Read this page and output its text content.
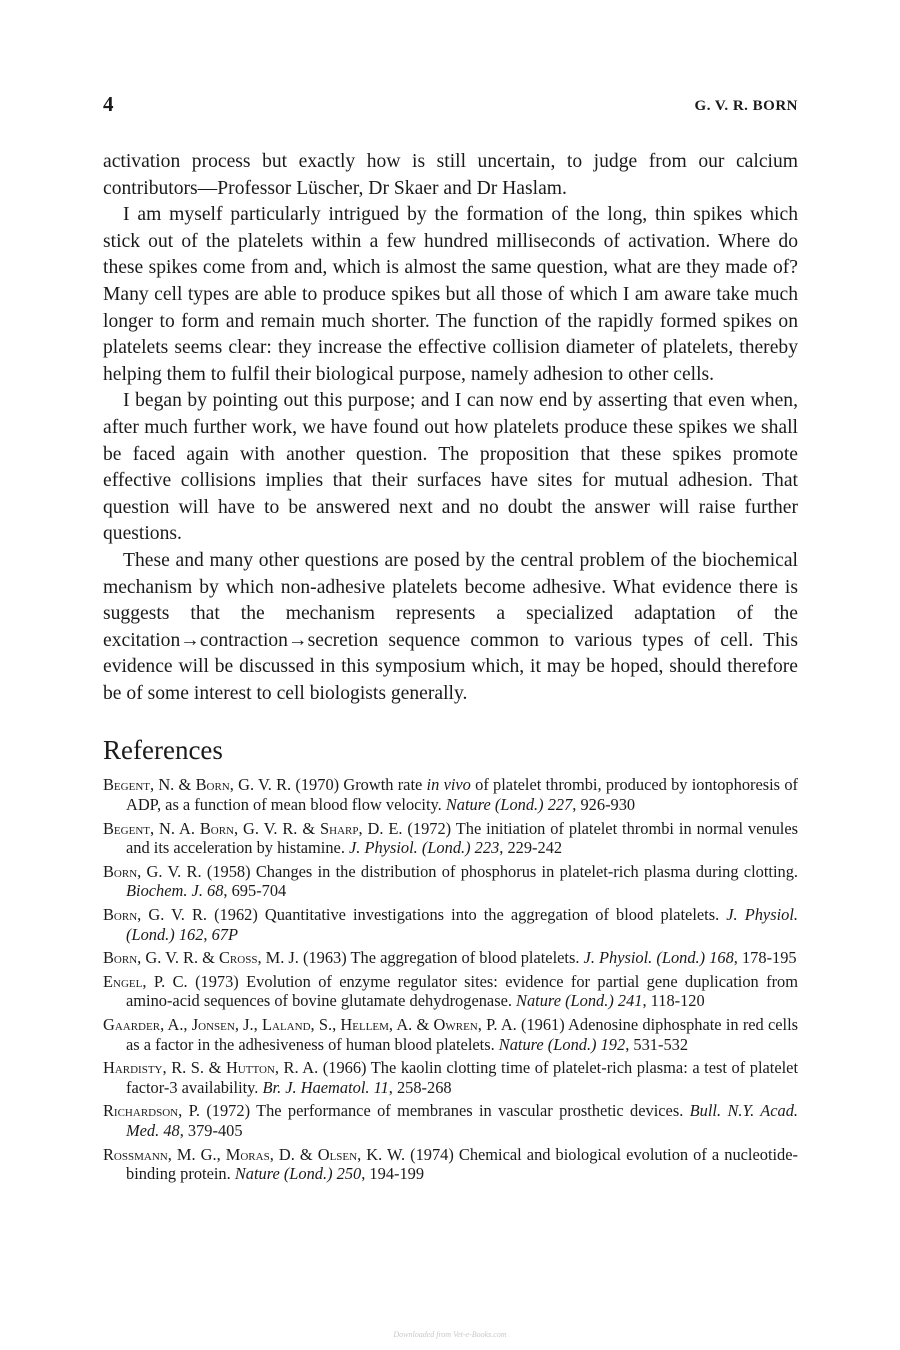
4	G. V. R. BORN

activation process but exactly how is still uncertain, to judge from our calcium contributors—Professor Lüscher, Dr Skaer and Dr Haslam.

I am myself particularly intrigued by the formation of the long, thin spikes which stick out of the platelets within a few hundred milliseconds of activation. Where do these spikes come from and, which is almost the same question, what are they made of? Many cell types are able to produce spikes but all those of which I am aware take much longer to form and remain much shorter. The function of the rapidly formed spikes on platelets seems clear: they increase the effective collision diameter of platelets, thereby helping them to fulfil their biological purpose, namely adhesion to other cells.

I began by pointing out this purpose; and I can now end by asserting that even when, after much further work, we have found out how platelets produce these spikes we shall be faced again with another question. The proposition that these spikes promote effective collisions implies that their surfaces have sites for mutual adhesion. That question will have to be answered next and no doubt the answer will raise further questions.

These and many other questions are posed by the central problem of the biochemical mechanism by which non-adhesive platelets become adhesive. What evidence there is suggests that the mechanism represents a specialized adaptation of the excitation→contraction→secretion sequence common to various types of cell. This evidence will be discussed in this symposium which, it may be hoped, should therefore be of some interest to cell biologists generally.

References

Begent, N. & Born, G. V. R. (1970) Growth rate in vivo of platelet thrombi, produced by iontophoresis of ADP, as a function of mean blood flow velocity. Nature (Lond.) 227, 926-930

Begent, N. A. Born, G. V. R. & Sharp, D. E. (1972) The initiation of platelet thrombi in normal venules and its acceleration by histamine. J. Physiol. (Lond.) 223, 229-242

Born, G. V. R. (1958) Changes in the distribution of phosphorus in platelet-rich plasma during clotting. Biochem. J. 68, 695-704

Born, G. V. R. (1962) Quantitative investigations into the aggregation of blood platelets. J. Physiol. (Lond.) 162, 67P

Born, G. V. R. & Cross, M. J. (1963) The aggregation of blood platelets. J. Physiol. (Lond.) 168, 178-195

Engel, P. C. (1973) Evolution of enzyme regulator sites: evidence for partial gene duplication from amino-acid sequences of bovine glutamate dehydrogenase. Nature (Lond.) 241, 118-120

Gaarder, A., Jonsen, J., Laland, S., Hellem, A. & Owren, P. A. (1961) Adenosine diphosphate in red cells as a factor in the adhesiveness of human blood platelets. Nature (Lond.) 192, 531-532

Hardisty, R. S. & Hutton, R. A. (1966) The kaolin clotting time of platelet-rich plasma: a test of platelet factor-3 availability. Br. J. Haematol. 11, 258-268

Richardson, P. (1972) The performance of membranes in vascular prosthetic devices. Bull. N.Y. Acad. Med. 48, 379-405

Rossmann, M. G., Moras, D. & Olsen, K. W. (1974) Chemical and biological evolution of a nucleotide-binding protein. Nature (Lond.) 250, 194-199

Downloaded from Vet-e-Books.com
